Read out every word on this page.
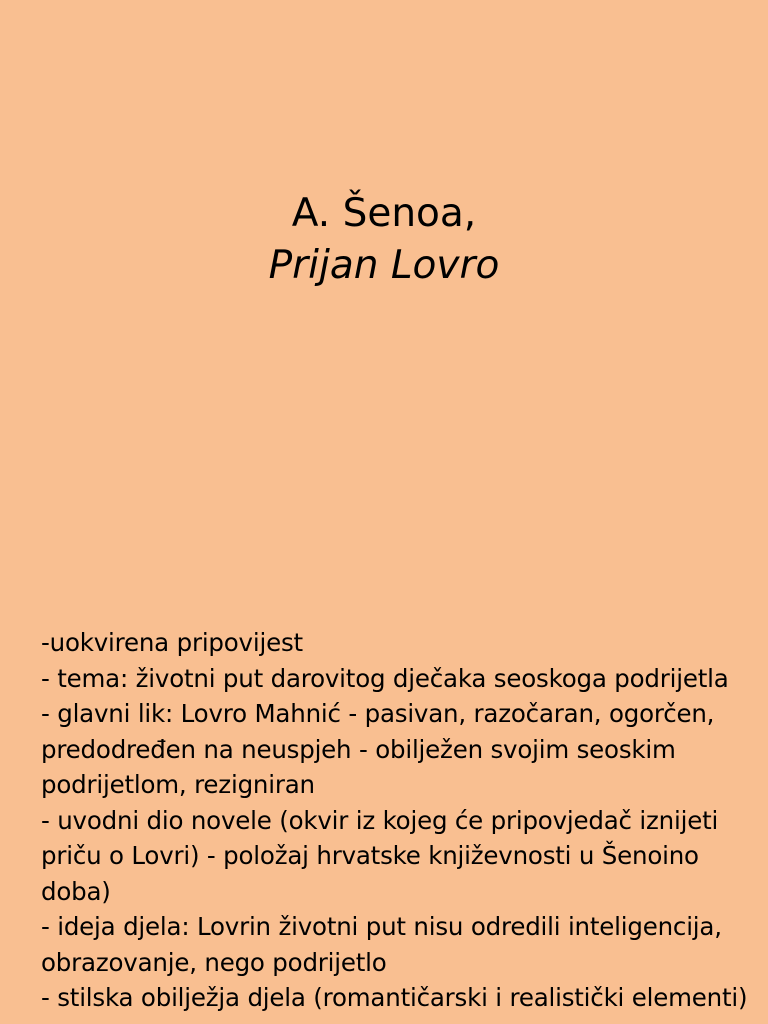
A. Šenoa,
Prijan Lovro
-uokvirena pripovijest
- tema: životni put darovitog dječaka seoskoga podrijetla
- glavni lik: Lovro Mahnić - pasivan, razočaran, ogorčen,
predodređen na neuspjeh - obilježen svojim seoskim
podrijetlom, rezigniran
- uvodni dio novele (okvir iz kojeg će pripovjedač iznijeti
priču o Lovri) - položaj hrvatske književnosti u Šenoino
doba)
- ideja djela: Lovrin životni put nisu odredili inteligencija,
obrazovanje, nego podrijetlo
- stilska obilježja djela (romantičarski i realistički elementi)
